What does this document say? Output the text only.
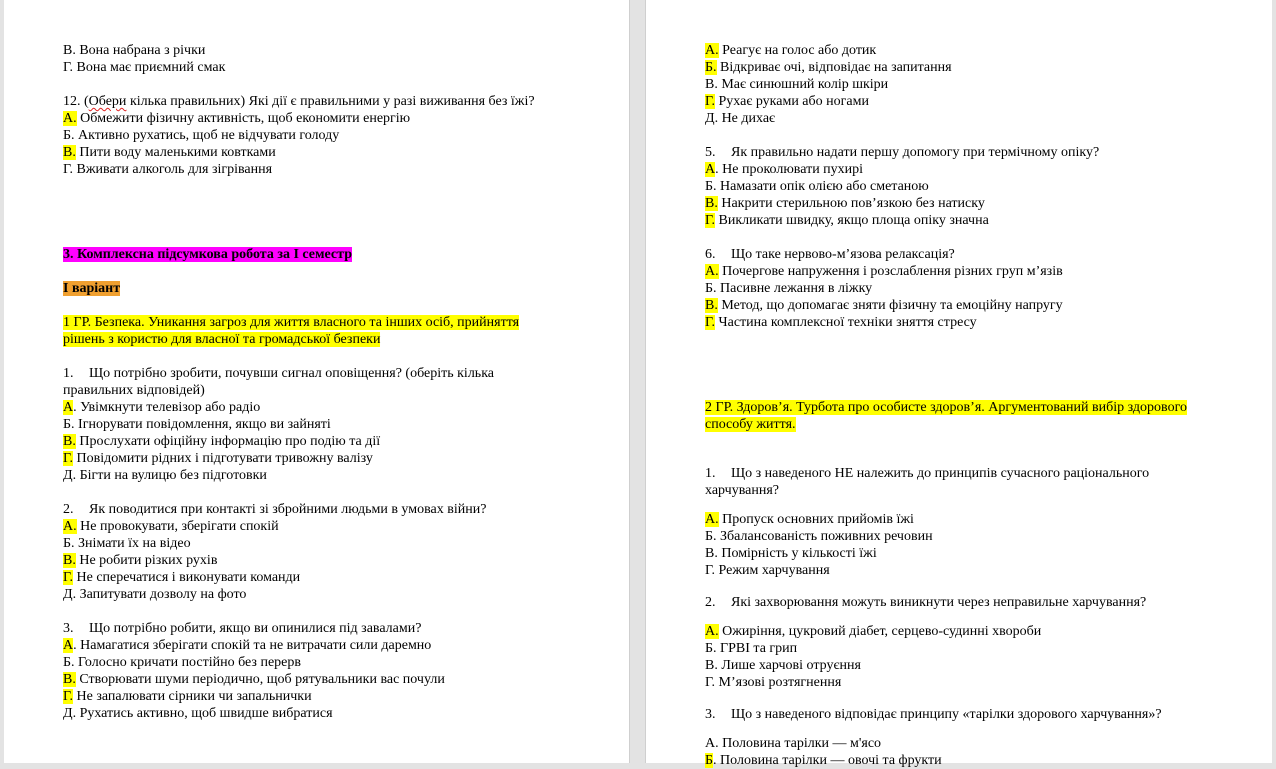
В. Вона набрана з річки
Г. Вона має приємний смак
12. (Обери кілька правильних) Які дії є правильними у разі виживання без їжі?
А. Обмежити фізичну активність, щоб економити енергію
Б. Активно рухатись, щоб не відчувати голоду
В. Пити воду маленькими ковтками
Г. Вживати алкоголь для зігрівання
3. Комплексна підсумкова робота за І семестр
І варіант
1 ГР. Безпека. Уникання загроз для життя власного та інших осіб, прийняття рішень з користю для власної та громадської безпеки
1. Що потрібно зробити, почувши сигнал оповіщення? (оберіть кілька правильних відповідей)
А. Увімкнути телевізор або радіо
Б. Ігнорувати повідомлення, якщо ви зайняті
В. Прослухати офіційну інформацію про подію та дії
Г. Повідомити рідних і підготувати тривожну валізу
Д. Бігти на вулицю без підготовки
2. Як поводитися при контакті зі збройними людьми в умовах війни?
А. Не провокувати, зберігати спокій
Б. Знімати їх на відео
В. Не робити різких рухів
Г. Не сперечатися і виконувати команди
Д. Запитувати дозволу на фото
3. Що потрібно робити, якщо ви опинилися під завалами?
А. Намагатися зберігати спокій та не витрачати сили даремно
Б. Голосно кричати постійно без перерв
В. Створювати шуми періодично, щоб рятувальники вас почули
Г. Не запалювати сірники чи запальнички
Д. Рухатись активно, щоб швидше вибратися
А. Реагує на голос або дотик
Б. Відкриває очі, відповідає на запитання
В. Має синюшний колір шкіри
Г. Рухає руками або ногами
Д. Не дихає
5. Як правильно надати першу допомогу при термічному опіку?
А. Не проколювати пухирі
Б. Намазати опік олією або сметаною
В. Накрити стерильною пов’язкою без натиску
Г. Викликати швидку, якщо площа опіку значна
6. Що таке нервово-м’язова релаксація?
А. Почергове напруження і розслаблення різних груп м’язів
Б. Пасивне лежання в ліжку
В. Метод, що допомагає зняти фізичну та емоційну напругу
Г. Частина комплексної техніки зняття стресу
2 ГР. Здоров’я. Турбота про особисте здоров’я. Аргументований вибір здорового способу життя.
1. Що з наведеного НЕ належить до принципів сучасного раціонального харчування?
А. Пропуск основних прийомів їжі
Б. Збалансованість поживних речовин
В. Помірність у кількості їжі
Г. Режим харчування
2. Які захворювання можуть виникнути через неправильне харчування?
А. Ожиріння, цукровий діабет, серцево-судинні хвороби
Б. ГРВІ та грип
В. Лише харчові отруєння
Г. М’язові розтягнення
3. Що з наведеного відповідає принципу «тарілки здорового харчування»?
А. Половина тарілки — м'ясо
Б. Половина тарілки — овочі та фрукти
